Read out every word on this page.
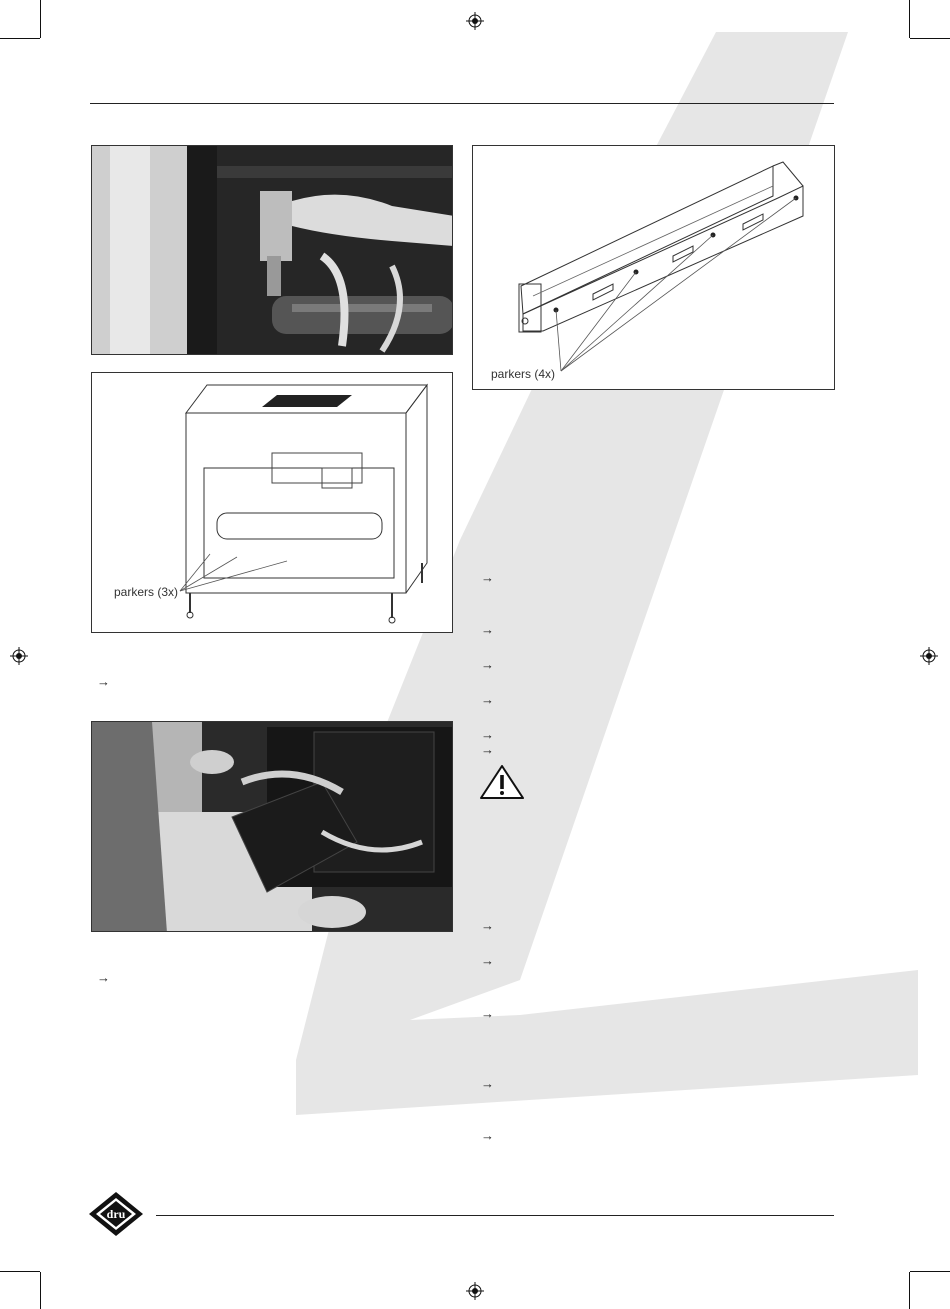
parkers (4x)
parkers (3x)
→
→
→
→
→
→
→
→
→
→
→
→
→
dru
